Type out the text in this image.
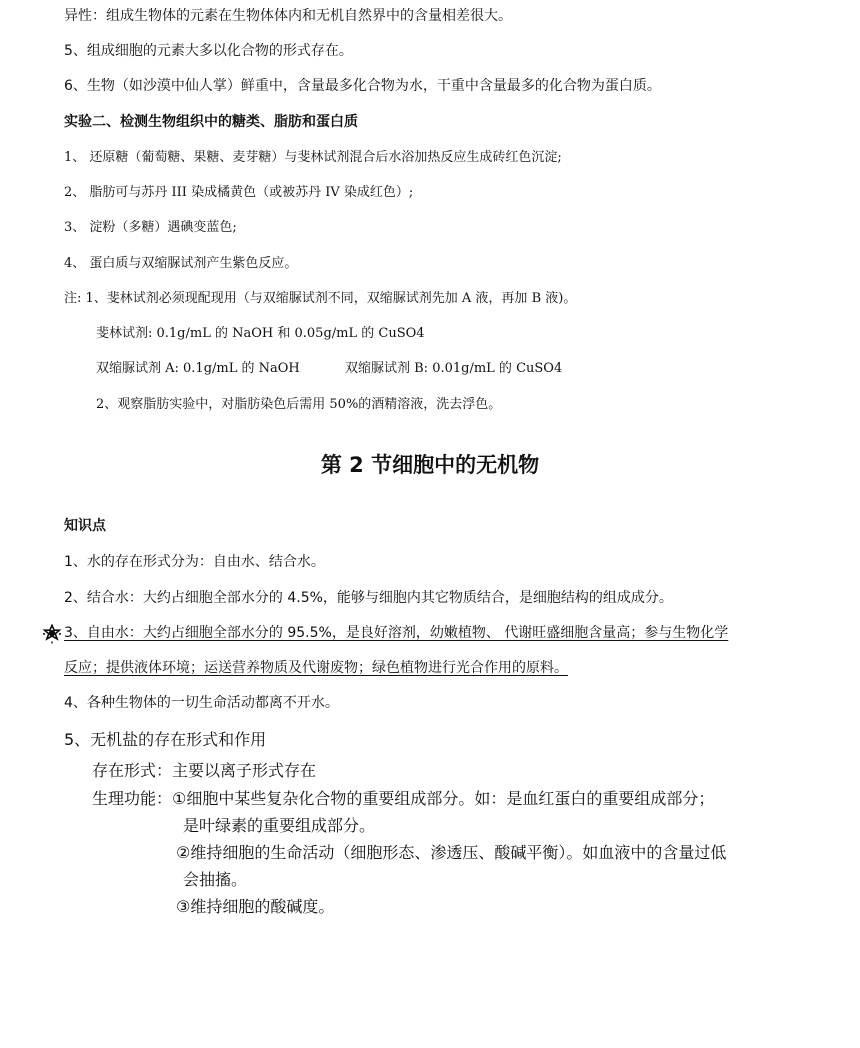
异性：组成生物体的元素在生物体体内和无机自然界中的含量相差很大。
5、组成细胞的元素大多以化合物的形式存在。
6、生物（如沙漠中仙人掌）鲜重中，含量最多化合物为水，干重中含量最多的化合物为蛋白质。
实验二、检测生物组织中的糖类、脂肪和蛋白质
1、 还原糖（葡萄糖、果糖、麦芽糖）与斐林试剂混合后水浴加热反应生成砖红色沉淀;
2、 脂肪可与苏丹 III 染成橘黄色（或被苏丹 IV 染成红色）;
3、 淀粉（多糖）遇碘变蓝色;
4、 蛋白质与双缩脲试剂产生紫色反应。
注: 1、斐林试剂必须现配现用（与双缩脲试剂不同，双缩脲试剂先加 A 液，再加 B 液)。
斐林试剂: 0.1g/mL 的 NaOH 和 0.05g/mL 的 CuSO4
双缩脲试剂 A: 0.1g/mL 的 NaOH	双缩脲试剂 B: 0.01g/mL 的 CuSO4
2、观察脂肪实验中，对脂肪染色后需用 50%的酒精溶液，洗去浮色。
第 2 节细胞中的无机物
知识点
1、水的存在形式分为：自由水、结合水。
2、结合水：大约占细胞全部水分的 4.5%，能够与细胞内其它物质结合，是细胞结构的组成成分。
3、自由水：大约占细胞全部水分的 95.5%，是良好溶剂，幼嫩植物、 代谢旺盛细胞含量高；参与生物化学
反应；提供液体环境；运送营养物质及代谢废物；绿色植物进行光合作用的原料。
4、各种生物体的一切生命活动都离不开水。
5、无机盐的存在形式和作用
存在形式：主要以离子形式存在
生理功能：①细胞中某些复杂化合物的重要组成部分。如：是血红蛋白的重要组成部分；
是叶绿素的重要组成部分。
②维持细胞的生命活动（细胞形态、渗透压、酸碱平衡）。如血液中的含量过低
会抽搐。
③维持细胞的酸碱度。
